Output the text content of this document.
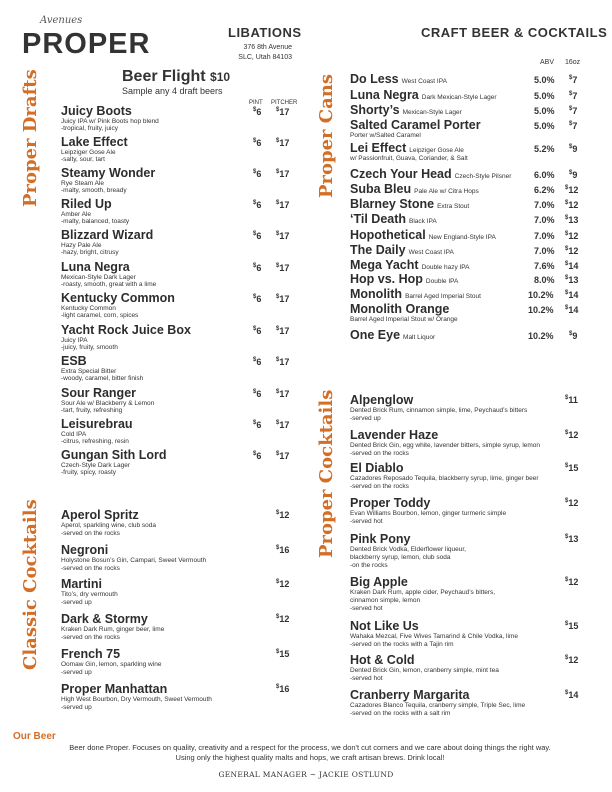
Avenues
PROPER	LIBATIONS
376 8th Avenue
SLC, Utah 84103
CRAFT BEER & COCKTAILS
Proper Drafts	Proper Cans
Classic Cocktails
Proper Cocktails
Beer Flight $10
Sample any 4 draft beers
PINT PITCHER
Juicy Boots
Juicy IPA w/ Pink Boots hop blend
-tropical, fruity, juicy
$6 $17
Lake Effect
Leipziger Gose Ale
-salty, sour, tart
$6 $17
Steamy Wonder
Rye Steam Ale
-malty, smooth, bready
$6 $17
Riled Up
Amber Ale
-malty, balanced, toasty
$6 $17
Blizzard Wizard
Hazy Pale Ale
-hazy, bright, citrusy
$6 $17
Luna Negra
Mexican-Style Dark Lager
-roasty, smooth, great with a lime
$6 $17
Kentucky Common
Kentucky Common
-light caramel, corn, spices
$6 $17
Yacht Rock Juice Box
Juicy IPA
-juicy, fruity, smooth
$6 $17
ESB
Extra Special Bitter
-woody, caramel, bitter finish
$6 $17
Sour Ranger
Sour Ale w/ Blackberry & Lemon
-tart, fruity, refreshing
$6 $17
Leisurebrau
Cold IPA
-citrus, refreshing, resin
$6 $17
Gungan Sith Lord
Czech-Style Dark Lager
-fruity, spicy, roasty
$6 $17
ABV 16oz
Do Less West Coast IPA	5.0% $7
Luna Negra Dark Mexican-Style Lager	5.0% $7
Shorty’s Mexican-Style Lager	5.0% $7
Salted Caramel Porter
Porter w/Salted Caramel
5.0% $7
Lei Effect Leipziger Gose Ale
w/ Passionfruit, Guava, Coriander, & Salt
5.2% $9
Czech Your Head Czech-Style Pilsner	6.0% $9
Suba Bleu Pale Ale w/ Citra Hops	6.2% $12
Blarney Stone Extra Stout	7.0% $12
‘Til Death Black IPA	7.0% $13
Hopothetical New England-Style IPA	7.0% $12
The Daily West Coast IPA	7.0% $12
Mega Yacht Double hazy IPA	7.6% $14
Hop vs. Hop Double IPA	8.0% $13
Monolith Barrel Aged Imperial Stout	10.2% $14
Monolith Orange
Barrel Aged Imperial Stout w/ Orange
10.2% $14
One Eye Malt Liquor	10.2%	$9
Aperol Spritz
Aperol, sparkling wine, club soda
-served on the rocks
$12
Negroni
Holystone Bosun’s Gin, Campari, Sweet Vermouth
-served on the rocks
$16
Martini
Tito’s, dry vermouth
-served up
$12
Dark & Stormy
Kraken Dark Rum, ginger beer, lime
-served on the rocks
$12
French 75
Oomaw Gin, lemon, sparkling wine
-served up
$15
Proper Manhattan
High West Bourbon, Dry Vermouth, Sweet Vermouth
-served up
$16
Alpenglow
Dented Brick Rum, cinnamon simple, lime, Peychaud’s bitters
-served up
$11
Lavender Haze
Dented Brick Gin, egg white, lavender bitters, simple syrup, lemon
-served on the rocks
$12
El Diablo
Cazadores Reposado Tequila, blackberry syrup, lime, ginger beer
-served on the rocks
$15
Proper Toddy
Evan Williams Bourbon, lemon, ginger turmeric simple
-served hot
$12
Pink Pony
Dented Brick Vodka, Elderflower liqueur,
blackberry syrup, lemon, club soda
-on the rocks
$13
Big Apple
Kraken Dark Rum, apple cider, Peychaud’s bitters,
cinnamon simple, lemon
-served hot
$12
Not Like Us
Wahaka Mezcal, Five Wives Tamarind & Chile Vodka, lime
-served on the rocks with a Tajin rim
$15
Hot & Cold
Dented Brick Gin, lemon, cranberry simple, mint tea
-served hot
$12
Cranberry Margarita
Cazadores Blanco Tequila, cranberry simple, Triple Sec, lime
-served on the rocks with a salt rim
$14
Our Beer
Beer done Proper. Focuses on quality, creativity and a respect for the process, we don't cut corners and we care about doing things the right way. Using only the highest quality malts and hops, we craft artisan brews. Drink local!
GENERAL MANAGER ~ JACKIE OSTLUND
